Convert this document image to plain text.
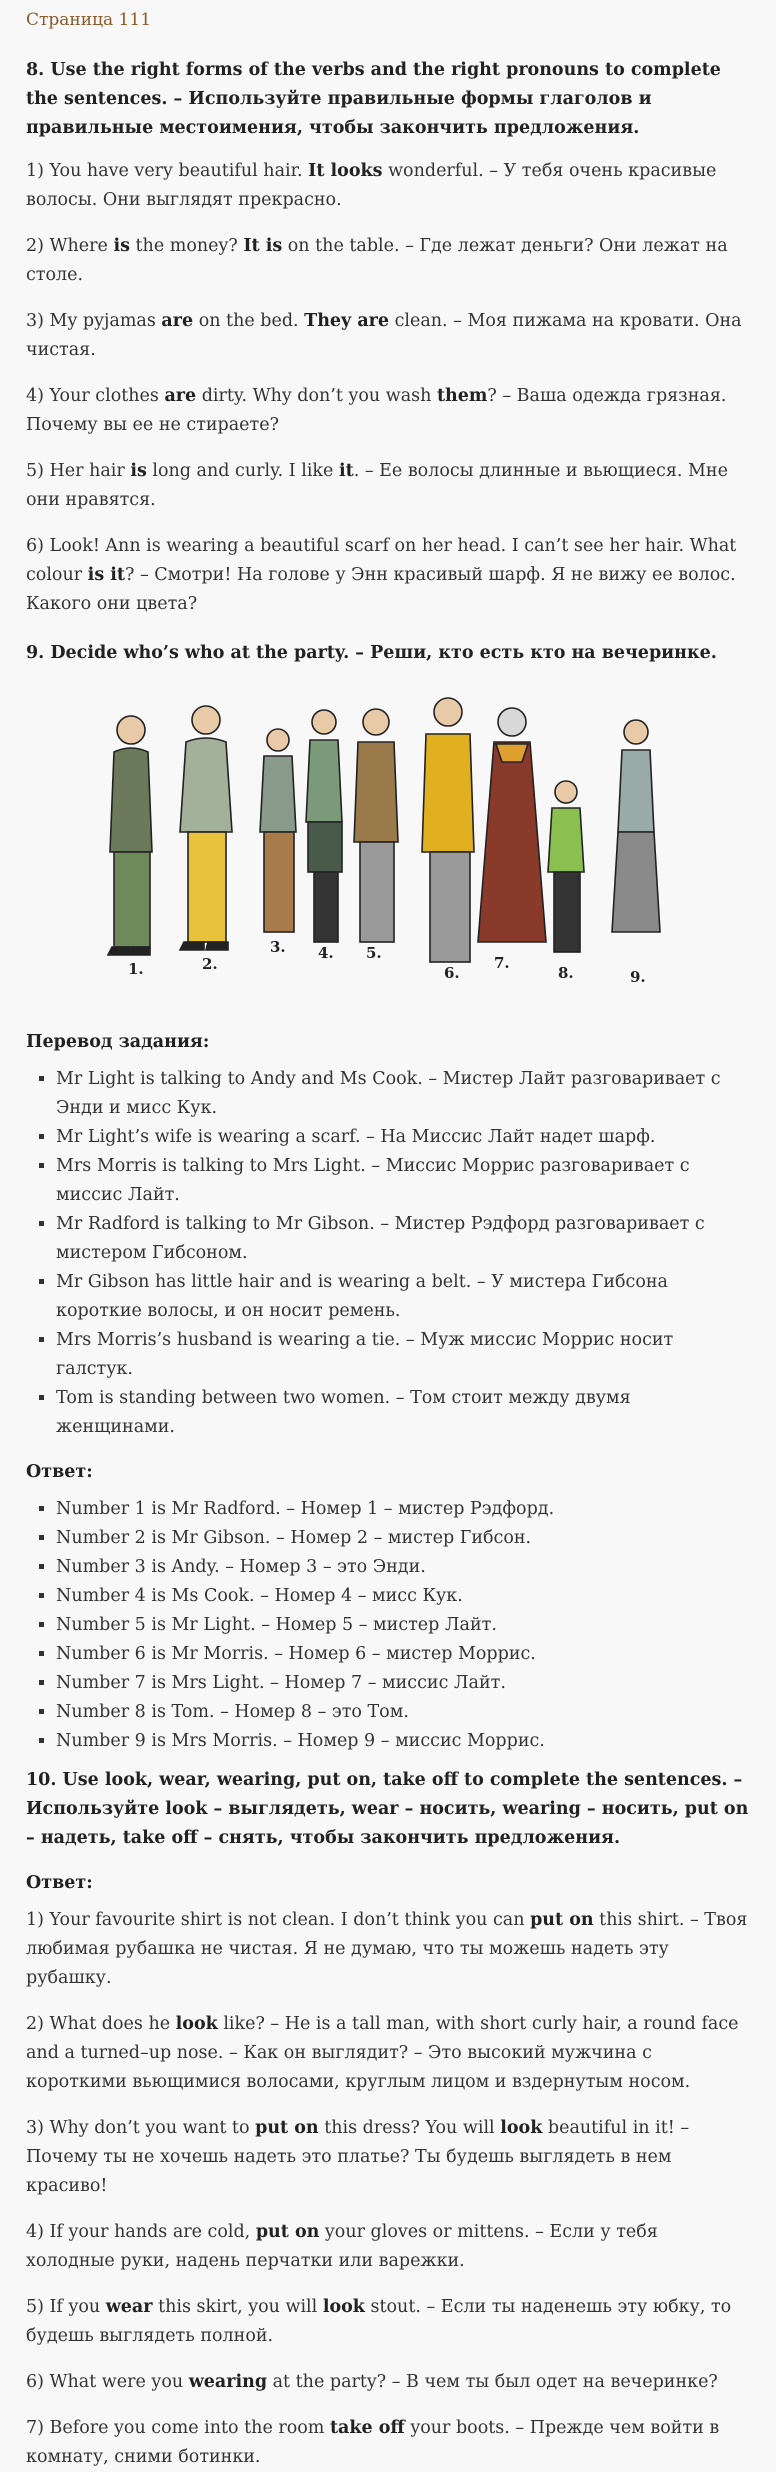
Страница 111
8. Use the right forms of the verbs and the right pronouns to complete the sentences. – Используйте правильные формы глаголов и правильные местоимения, чтобы закончить предложения.

1) You have very beautiful hair. It looks wonderful. – У тебя очень красивые волосы. Они выглядят прекрасно.

2) Where is the money? It is on the table. – Где лежат деньги? Они лежат на столе.

3) My pyjamas are on the bed. They are clean. – Моя пижама на кровати. Она чистая.

4) Your clothes are dirty. Why don’t you wash them? – Ваша одежда грязная. Почему вы ее не стираете?

5) Her hair is long and curly. I like it. – Ее волосы длинные и вьющиеся. Мне они нравятся.

6) Look! Ann is wearing a beautiful scarf on her head. I can’t see her hair. What colour is it? – Смотри! На голове у Энн красивый шарф. Я не вижу ее волос. Какого они цвета?

9. Decide who’s who at the party. – Реши, кто есть кто на вечеринке.
1.	2.
3. 4. 5.
6.
7.
8.	9.
Перевод задания:
▪ Mr Light is talking to Andy and Ms Cook. – Мистер Лайт разговаривает с Энди и мисс Кук.
▪ Mr Light’s wife is wearing a scarf. – На Миссис Лайт надет шарф.
▪ Mrs Morris is talking to Mrs Light. – Миссис Моррис разговаривает с миссис Лайт.
▪ Mr Radford is talking to Mr Gibson. – Мистер Рэдфорд разговаривает с мистером Гибсоном.
▪ Mr Gibson has little hair and is wearing a belt. – У мистера Гибсона короткие волосы, и он носит ремень.
▪ Mrs Morris’s husband is wearing a tie. – Муж миссис Моррис носит галстук.
▪ Tom is standing between two women. – Том стоит между двумя женщинами.
Ответ:
▪ Number 1 is Mr Radford. – Номер 1 – мистер Рэдфорд.
▪ Number 2 is Mr Gibson. – Номер 2 – мистер Гибсон.
▪ Number 3 is Andy. – Номер 3 – это Энди.
▪ Number 4 is Ms Cook. – Номер 4 – мисс Кук.
▪ Number 5 is Mr Light. – Номер 5 – мистер Лайт.
▪ Number 6 is Mr Morris. – Номер 6 – мистер Моррис.
▪ Number 7 is Mrs Light. – Номер 7 – миссис Лайт.
▪ Number 8 is Tom. – Номер 8 – это Том.
▪ Number 9 is Mrs Morris. – Номер 9 – миссис Моррис.
10. Use look, wear, wearing, put on, take off to complete the sentences. – Используйте look – выглядеть, wear – носить, wearing – носить, put on – надеть, take off – снять, чтобы закончить предложения.
Ответ:

1) Your favourite shirt is not clean. I don’t think you can put on this shirt. – Твоя любимая рубашка не чистая. Я не думаю, что ты можешь надеть эту рубашку.

2) What does he look like? – He is a tall man, with short curly hair, a round face and a turned–up nose. – Как он выглядит? – Это высокий мужчина с короткими вьющимися волосами, круглым лицом и вздернутым носом.

3) Why don’t you want to put on this dress? You will look beautiful in it! – Почему ты не хочешь надеть это платье? Ты будешь выглядеть в нем красиво!

4) If your hands are cold, put on your gloves or mittens. – Если у тебя холодные руки, надень перчатки или варежки.

5) If you wear this skirt, you will look stout. – Если ты наденешь эту юбку, то будешь выглядеть полной.

6) What were you wearing at the party? – В чем ты был одет на вечеринке?

7) Before you come into the room take off your boots. – Прежде чем войти в комнату, сними ботинки.
